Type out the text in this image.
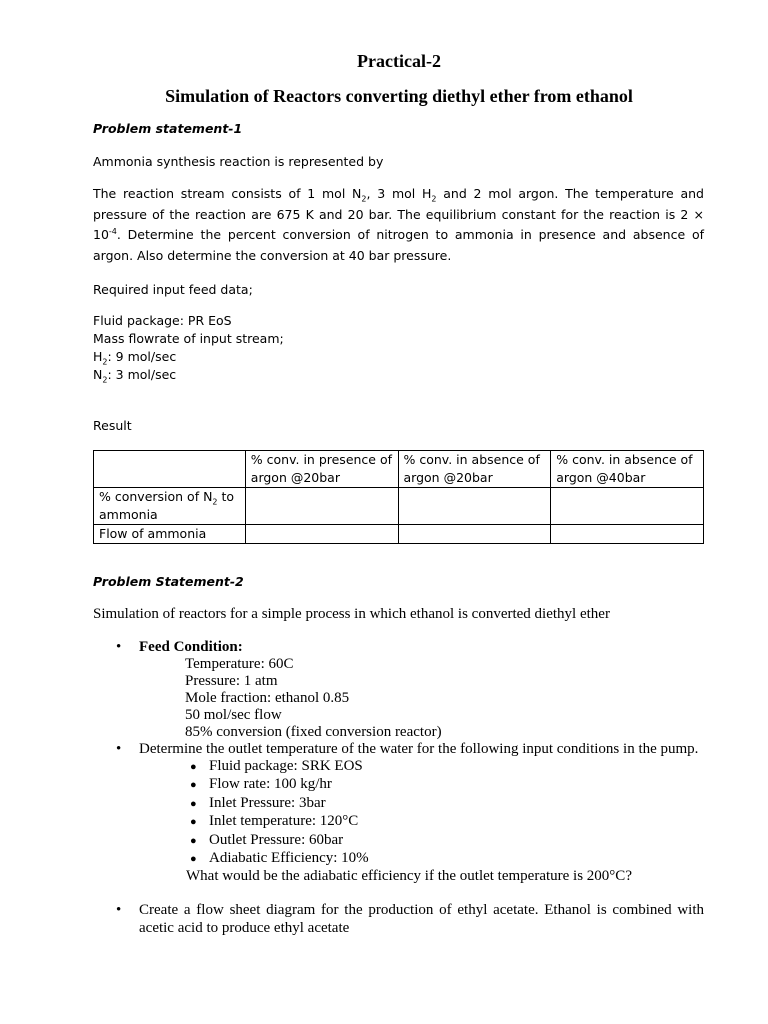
Practical-2
Simulation of Reactors converting diethyl ether from ethanol
Problem statement-1
Ammonia synthesis reaction is represented by
The reaction stream consists of 1 mol $N_2$, 3 mol $H_2$ and 2 mol argon. The temperature and pressure of the reaction are 675 K and 20 bar. The equilibrium constant for the reaction is $2 \times 10^{-4}$. Determine the percent conversion of nitrogen to ammonia in presence and absence of argon. Also determine the conversion at 40 bar pressure.
Required input feed data;
Fluid package: PR EoS
Mass flowrate of input stream;
$H_2$: 9 mol/sec
$N_2$: 3 mol/sec
Result
	% conv. in presence of argon @20bar	% conv. in absence of argon @20bar	% conv. in absence of argon @40bar
% conversion of $N_2$ to ammonia			
Flow of ammonia			
Problem Statement-2
Simulation of reactors for a simple process in which ethanol is converted diethyl ether
• Feed Condition:
Temperature: 60C
Pressure: 1 atm
Mole fraction: ethanol 0.85
50 mol/sec flow
85% conversion (fixed conversion reactor)
• Determine the outlet temperature of the water for the following input conditions in the pump.
● Fluid package: SRK EOS
● Flow rate: 100 kg/hr
● Inlet Pressure: 3bar
● Inlet temperature: 120°C
● Outlet Pressure: 60bar
● Adiabatic Efficiency: 10%
What would be the adiabatic efficiency if the outlet temperature is 200°C?
• Create a flow sheet diagram for the production of ethyl acetate. Ethanol is combined with acetic acid to produce ethyl acetate
